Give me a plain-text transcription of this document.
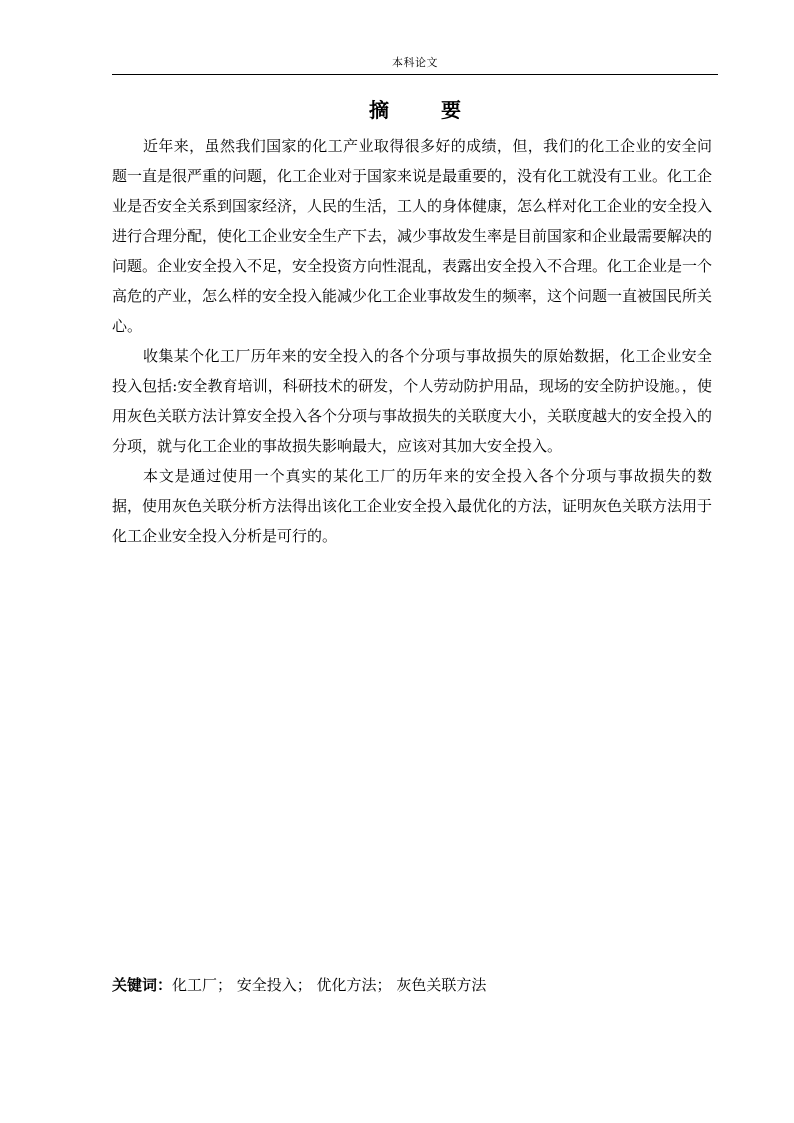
本科论文
摘　要

近年来，虽然我们国家的化工产业取得很多好的成绩，但，我们的化工企业的安全问题一直是很严重的问题，化工企业对于国家来说是最重要的，没有化工就没有工业。化工企业是否安全关系到国家经济，人民的生活，工人的身体健康，怎么样对化工企业的安全投入进行合理分配，使化工企业安全生产下去，减少事故发生率是目前国家和企业最需要解决的问题。企业安全投入不足，安全投资方向性混乱，表露出安全投入不合理。化工企业是一个高危的产业，怎么样的安全投入能减少化工企业事故发生的频率，这个问题一直被国民所关心。

收集某个化工厂历年来的安全投入的各个分项与事故损失的原始数据，化工企业安全投入包括:安全教育培训，科研技术的研发，个人劳动防护用品，现场的安全防护设施。，使用灰色关联方法计算安全投入各个分项与事故损失的关联度大小，关联度越大的安全投入的分项，就与化工企业的事故损失影响最大，应该对其加大安全投入。

本文是通过使用一个真实的某化工厂的历年来的安全投入各个分项与事故损失的数据，使用灰色关联分析方法得出该化工企业安全投入最优化的方法，证明灰色关联方法用于化工企业安全投入分析是可行的。

关键词：化工厂； 安全投入； 优化方法； 灰色关联方法
